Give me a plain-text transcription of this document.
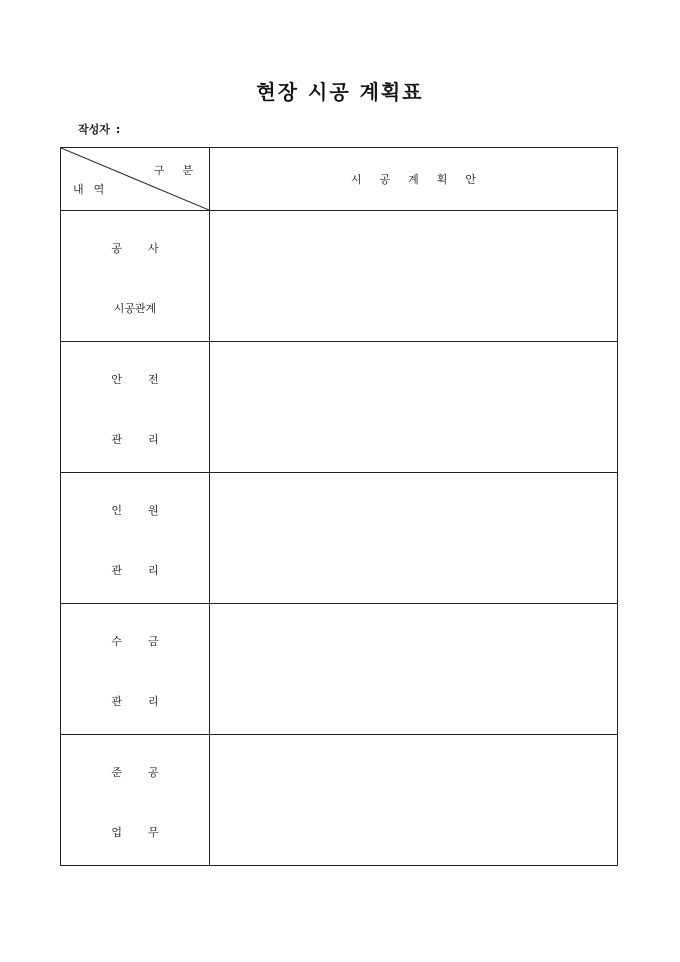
현장 시공 계획표
작성자 :
구분
내역
시공계획안
공사
시공관계
안전
관리
인원
관리
수금
관리
준공
업무
